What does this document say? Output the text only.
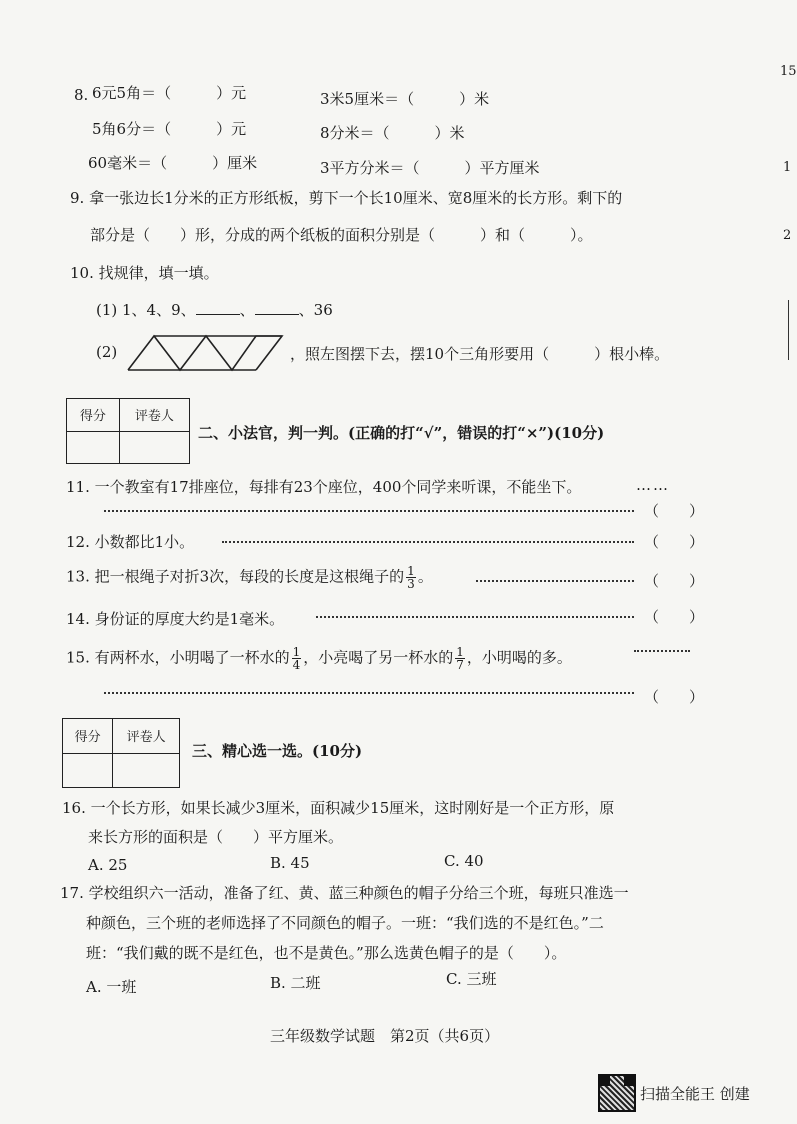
15
1
2
8. 6元5角＝（　　　）元	3米5厘米＝（　　　）米
5角6分＝（　　　）元	8分米＝（　　　）米
60毫米＝（　　　）厘米	3平方分米＝（　　　）平方厘米
9. 拿一张边长1分米的正方形纸板，剪下一个长10厘米、宽8厘米的长方形。剩下的
部分是（　　）形，分成的两个纸板的面积分别是（　　　）和（　　　）。
10. 找规律，填一填。
(1) 1、4、9、	、	、36
(2)	，照左图摆下去，摆10个三角形要用（　　　）根小棒。
得分	评卷人

二、小法官，判一判。(正确的打“√”，错误的打“×”)(10分)
11. 一个教室有17排座位，每排有23个座位，400个同学来听课，不能坐下。	……
（　　）
12. 小数都比1小。	（　　）
13. 把一根绳子对折3次，每段的长度是这根绳子的 $\frac{1}{3}$ 。	（　　）
14. 身份证的厚度大约是1毫米。	（　　）
15. 有两杯水，小明喝了一杯水的 $\frac{1}{4}$ ，小亮喝了另一杯水的 $\frac{1}{7}$ ，小明喝的多。
（　　）
得分	评卷人

三、精心选一选。(10分)
16. 一个长方形，如果长减少3厘米，面积减少15厘米，这时刚好是一个正方形，原
来长方形的面积是（　　）平方厘米。
A. 25	B. 45	C. 40
17. 学校组织六一活动，准备了红、黄、蓝三种颜色的帽子分给三个班，每班只准选一
种颜色，三个班的老师选择了不同颜色的帽子。一班：“我们选的不是红色。”二
班：“我们戴的既不是红色，也不是黄色。”那么选黄色帽子的是（　　）。
A. 一班	B. 二班	C. 三班
三年级数学试题　第2页（共6页）
扫描全能王 创建
